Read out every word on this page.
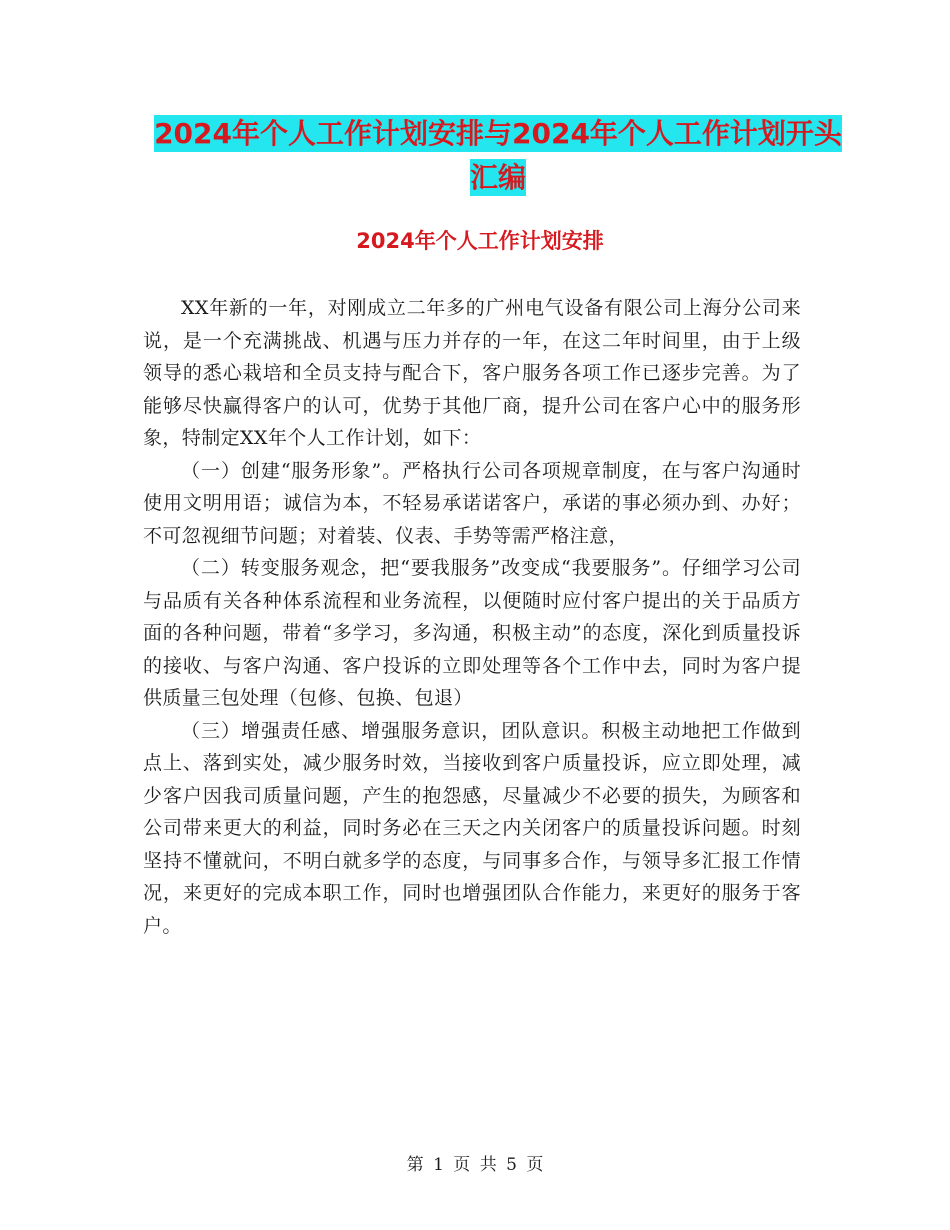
2024年个人工作计划安排与2024年个人工作计划开头
汇编
2024年个人工作计划安排

XX年新的一年，对刚成立二年多的广州电气设备有限公司上海分公司来说，是一个充满挑战、机遇与压力并存的一年，在这二年时间里，由于上级领导的悉心栽培和全员支持与配合下，客户服务各项工作已逐步完善。为了能够尽快赢得客户的认可，优势于其他厂商，提升公司在客户心中的服务形象，特制定XX年个人工作计划，如下：

（一）创建“服务形象”。严格执行公司各项规章制度，在与客户沟通时使用文明用语；诚信为本，不轻易承诺诺客户，承诺的事必须办到、办好；不可忽视细节问题；对着装、仪表、手势等需严格注意，

（二）转变服务观念，把“要我服务”改变成“我要服务”。仔细学习公司与品质有关各种体系流程和业务流程，以便随时应付客户提出的关于品质方面的各种问题，带着“多学习，多沟通，积极主动”的态度，深化到质量投诉的接收、与客户沟通、客户投诉的立即处理等各个工作中去，同时为客户提供质量三包处理（包修、包换、包退）

（三）增强责任感、增强服务意识，团队意识。积极主动地把工作做到点上、落到实处，减少服务时效，当接收到客户质量投诉，应立即处理，减少客户因我司质量问题，产生的抱怨感，尽量减少不必要的损失，为顾客和公司带来更大的利益，同时务必在三天之内关闭客户的质量投诉问题。时刻坚持不懂就问，不明白就多学的态度，与同事多合作，与领导多汇报工作情况，来更好的完成本职工作，同时也增强团队合作能力，来更好的服务于客户。

第 1 页 共 5 页
